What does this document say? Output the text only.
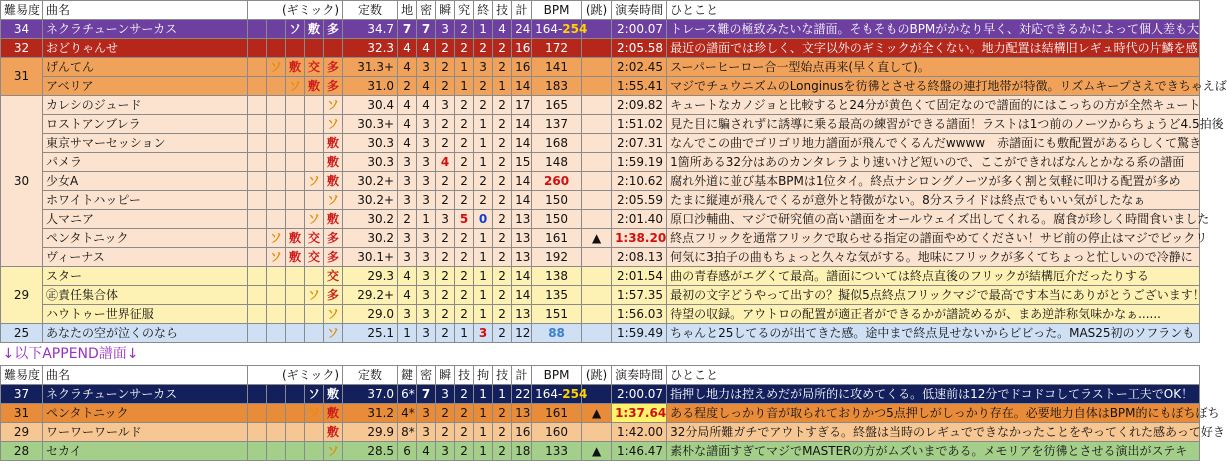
難易度	曲名	(ギミック)					定数	地	密	瞬	究	終	技	計	BPM	(跳)	演奏時間	ひとこと
34	ネクラチューンサーカス			ソ	敷	多	34.7	7	7	3	2	1	4	24	164-254		2:00.07	トレース難の極致みたいな譜面。そもそものBPMがかなり早く、対応できるかによって個人差も大きい
32	おどりゃんせ						32.3	4	4	2	2	2	2	16	172		2:05.58	最近の譜面では珍しく、文字以外のギミックが全くない。地力配置は結構旧レギュ時代の片鱗を感じる
31	げんてん		ソ	敷	交	多	31.3+	4	3	2	1	3	2	16	141		2:02.45	スーパーヒーロー合一型始点再来(早く直して)。
	アベリア			ソ	敷	多	31.0	2	4	2	1	2	1	14	183		1:55.41	マジでチュウニズムのLonginusを彷彿とさせる終盤の連打地帯が特徴。リズムキープさえできちゃえば
30	カレシのジュード					ソ	30.4	4	4	3	2	2	2	17	165		2:09.82	キュートなカノジョと比較すると24分が黄色くて固定なので譜面的にはこっちの方が全然キュート
	ロストアンブレラ					ソ	30.3+	4	3	2	2	1	2	14	137		1:51.02	見た目に騙されずに誘導に乗る最高の練習ができる譜面！ラストは1つ前のノーツからちょうど4.5拍後
	東京サマーセッション					敷	30.3	4	3	2	2	1	2	14	168		2:07.31	なんでこの曲でゴリゴリ地力譜面が飛んでくるんだwwww　赤譜面にも敷配置があるらしくて驚き
	パメラ					敷	30.3	3	3	4	2	1	2	15	148		1:59.19	1箇所ある32分はあのカンタレラより速いけど短いので、ここができればなんとかなる系の譜面
	少女A				ソ	敷	30.2+	3	3	2	2	2	2	14	260		2:10.62	腐れ外道に並び基本BPMは1位タイ。終点ナシロングノーツが多く割と気軽に叩ける配置が多め
	ホワイトハッピー					ソ	30.2+	3	3	2	2	2	2	14	150		2:05.59	たまに縦連が飛んでくるが意外と特徴がない。8分スライドは終点でもいい気がしたなぁ
	人マニア				ソ	敷	30.2	2	1	3	5	0	2	13	150		2:01.40	原口沙輔曲、マジで研究値の高い譜面をオールウェイズ出してくれる。腐食が珍しく時間食いました
	ペンタトニック		ソ	敷	交	多	30.2	3	3	2	2	1	2	13	161	▲	1:38.20	終点フリックを通常フリックで取らせる指定の譜面やめてください！サビ前の停止はマジでビックリ
	ヴィーナス		ソ	敷	交	多	30.1+	3	3	2	2	1	2	13	192		2:08.13	何気に3拍子の曲もちょっと久々な気がする。地味にフリックが多くてちょっと忙しいので冷静に
29	スター					交	29.3	4	3	2	2	1	2	14	138		2:01.54	曲の青春感がエグくて最高。譜面については終点直後のフリックが結構厄介だったりする
	㊣責任集合体				ソ	多	29.2+	4	3	2	2	1	2	14	135		1:57.35	最初の文字どうやって出すの？擬似5点終点フリックマジで最高です本当にありがとうございます！
	ハウトゥー世界征服					ソ	29.0	3	3	2	2	1	2	13	151		1:56.03	待望の収録。アウトロの配置が適正者ができるかが譜読めるが、まあ逆詐称気味かなぁ......
25	あなたの空が泣くのなら					ソ	25.1	1	3	2	1	3	2	12	88		1:59.49	ちゃんと25してるのが出てきた感。途中まで終点見せないからビビった。MAS25初のソフランも
↓以下APPEND譜面↓																		
難易度	曲名	(ギミック)					定数	鍵	密	瞬	技	拘	技	計	BPM	(跳)	演奏時間	ひとこと
37	ネクラチューンサーカス				ソ	敷	37.0	6*	7	3	2	1	1	22	164-254		2:00.07	指押し地力は控えめだが局所的に攻めてくる。低速前は12分でドコドコしてラストー工夫でOK！
31	ペンタトニック				ソ	敷	31.2	4*	3	2	2	1	2	13	161	▲	1:37.64	ある程度しっかり音が取られておりかつ5点押しがしっかり存在。必要地力自体はBPM的にもぼちぼち
29	ワーワーワールド					敷	29.9	8*	3	2	2	1	2	16	160		1:42.00	32分局所難ガチでアウトすぎる。終盤は当時のレギュでできなかったことをやってくれた感あって好き
28	セカイ					ソ	28.5	6	4	3	2	1	2	18	133	▲	1:46.47	素朴な譜面すぎてマジでMASTERの方がムズいまである。メモリアを彷彿とさせる演出がステキ
